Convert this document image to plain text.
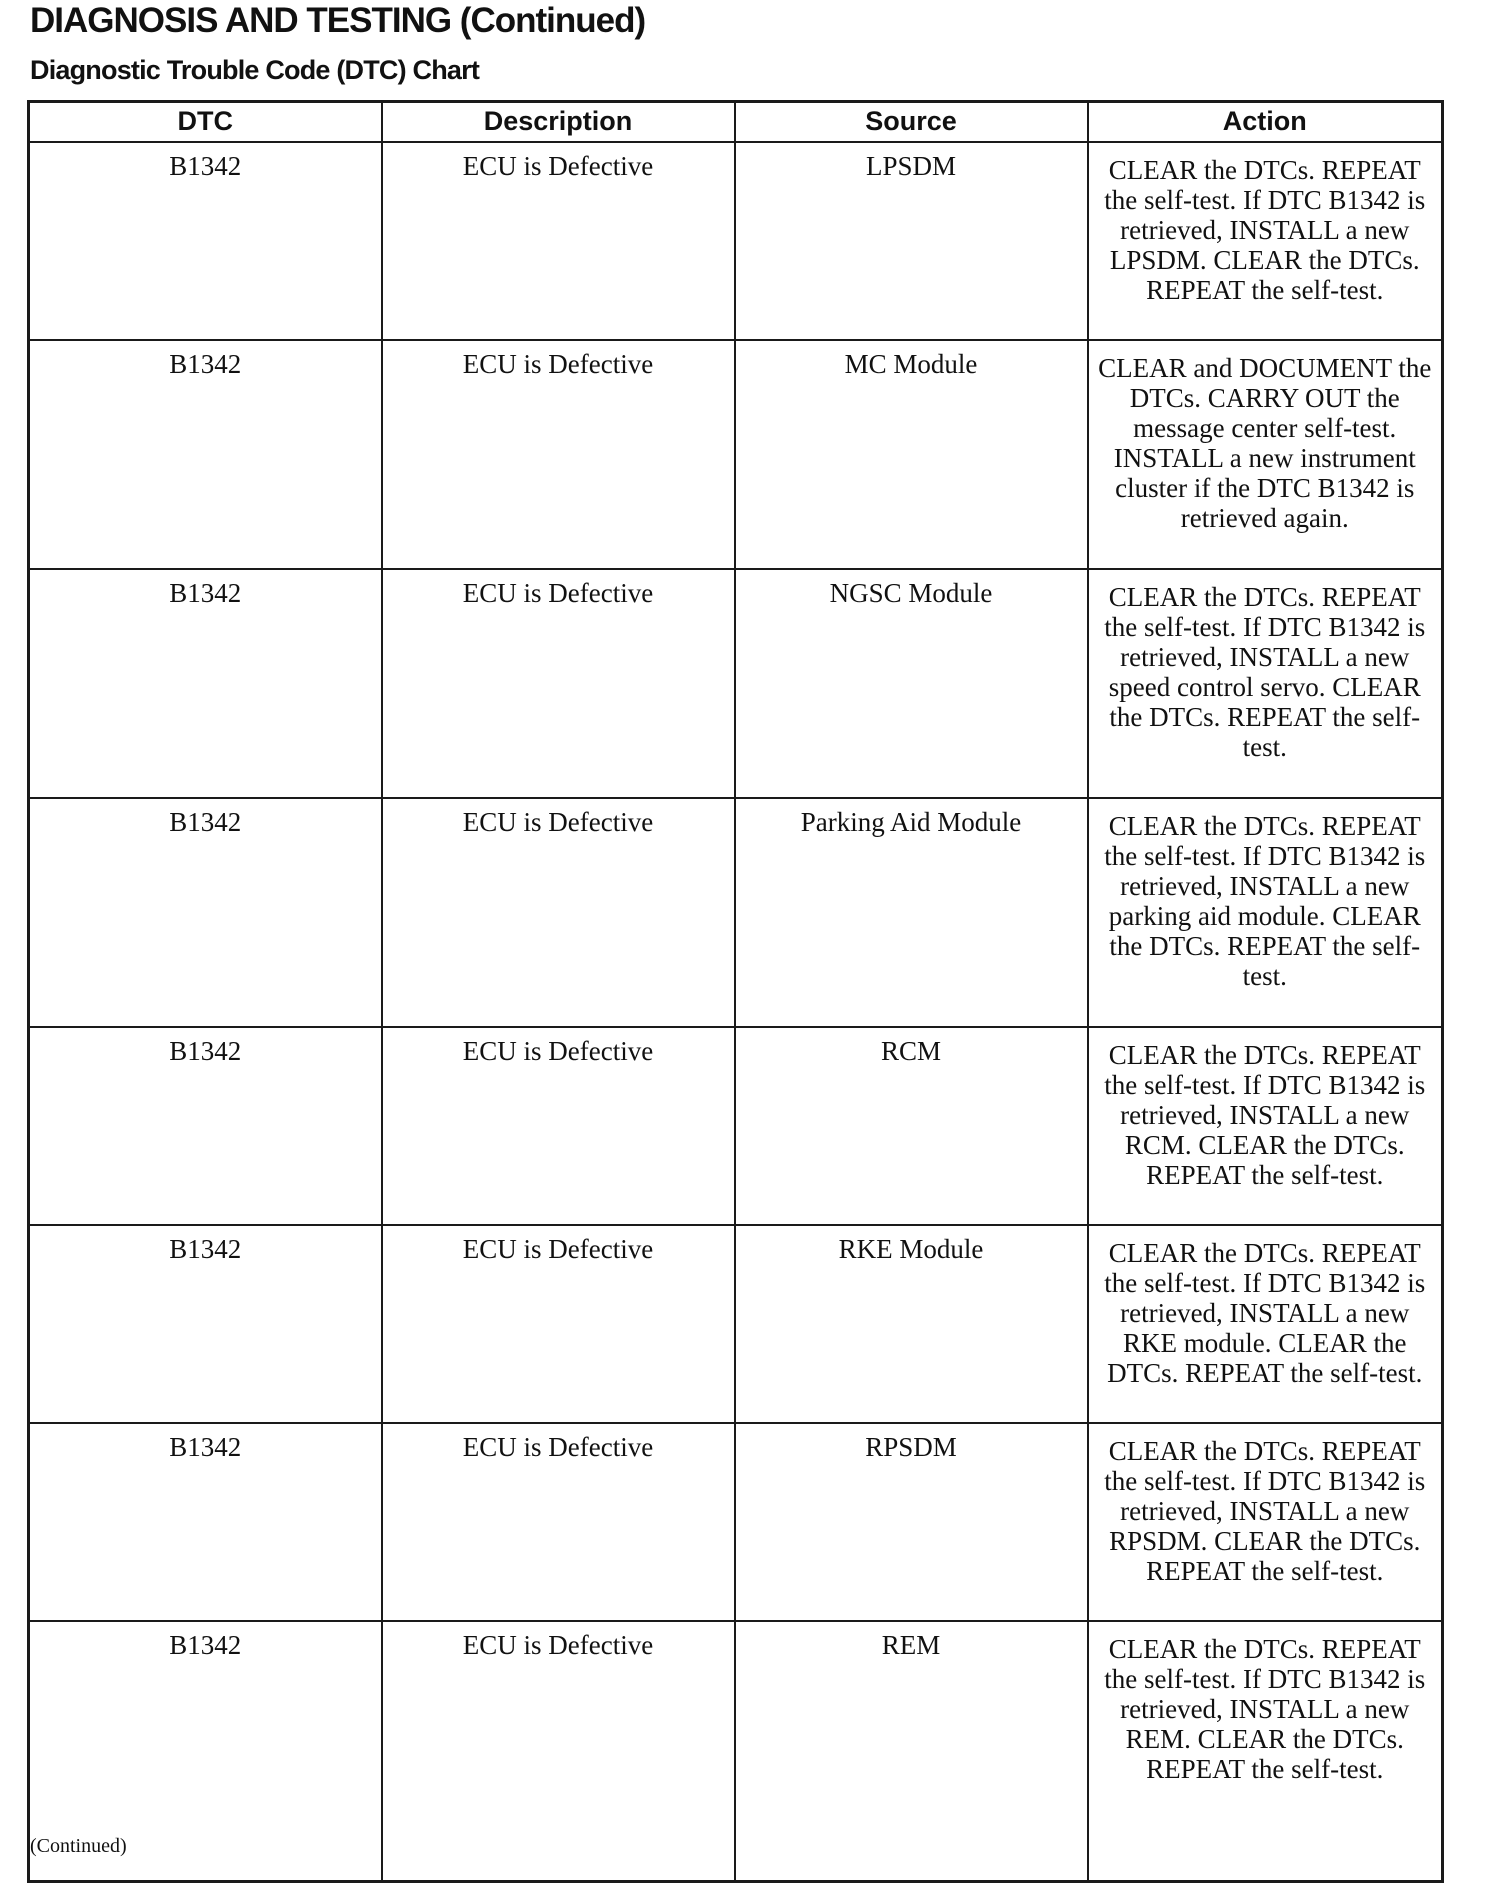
DIAGNOSIS AND TESTING (Continued)
Diagnostic Trouble Code (DTC) Chart
DTC	Description	Source	Action
B1342	ECU is Defective	LPSDM	CLEAR the DTCs. REPEAT the self-test. If DTC B1342 is retrieved, INSTALL a new LPSDM. CLEAR the DTCs. REPEAT the self-test.
B1342	ECU is Defective	MC Module	CLEAR and DOCUMENT the DTCs. CARRY OUT the message center self-test. INSTALL a new instrument cluster if the DTC B1342 is retrieved again.
B1342	ECU is Defective	NGSC Module	CLEAR the DTCs. REPEAT the self-test. If DTC B1342 is retrieved, INSTALL a new speed control servo. CLEAR the DTCs. REPEAT the self-test.
B1342	ECU is Defective	Parking Aid Module	CLEAR the DTCs. REPEAT the self-test. If DTC B1342 is retrieved, INSTALL a new parking aid module. CLEAR the DTCs. REPEAT the self-test.
B1342	ECU is Defective	RCM	CLEAR the DTCs. REPEAT the self-test. If DTC B1342 is retrieved, INSTALL a new RCM. CLEAR the DTCs. REPEAT the self-test.
B1342	ECU is Defective	RKE Module	CLEAR the DTCs. REPEAT the self-test. If DTC B1342 is retrieved, INSTALL a new RKE module. CLEAR the DTCs. REPEAT the self-test.
B1342	ECU is Defective	RPSDM	CLEAR the DTCs. REPEAT the self-test. If DTC B1342 is retrieved, INSTALL a new RPSDM. CLEAR the DTCs. REPEAT the self-test.
B1342	ECU is Defective	REM	CLEAR the DTCs. REPEAT the self-test. If DTC B1342 is retrieved, INSTALL a new REM. CLEAR the DTCs. REPEAT the self-test.
(Continued)
